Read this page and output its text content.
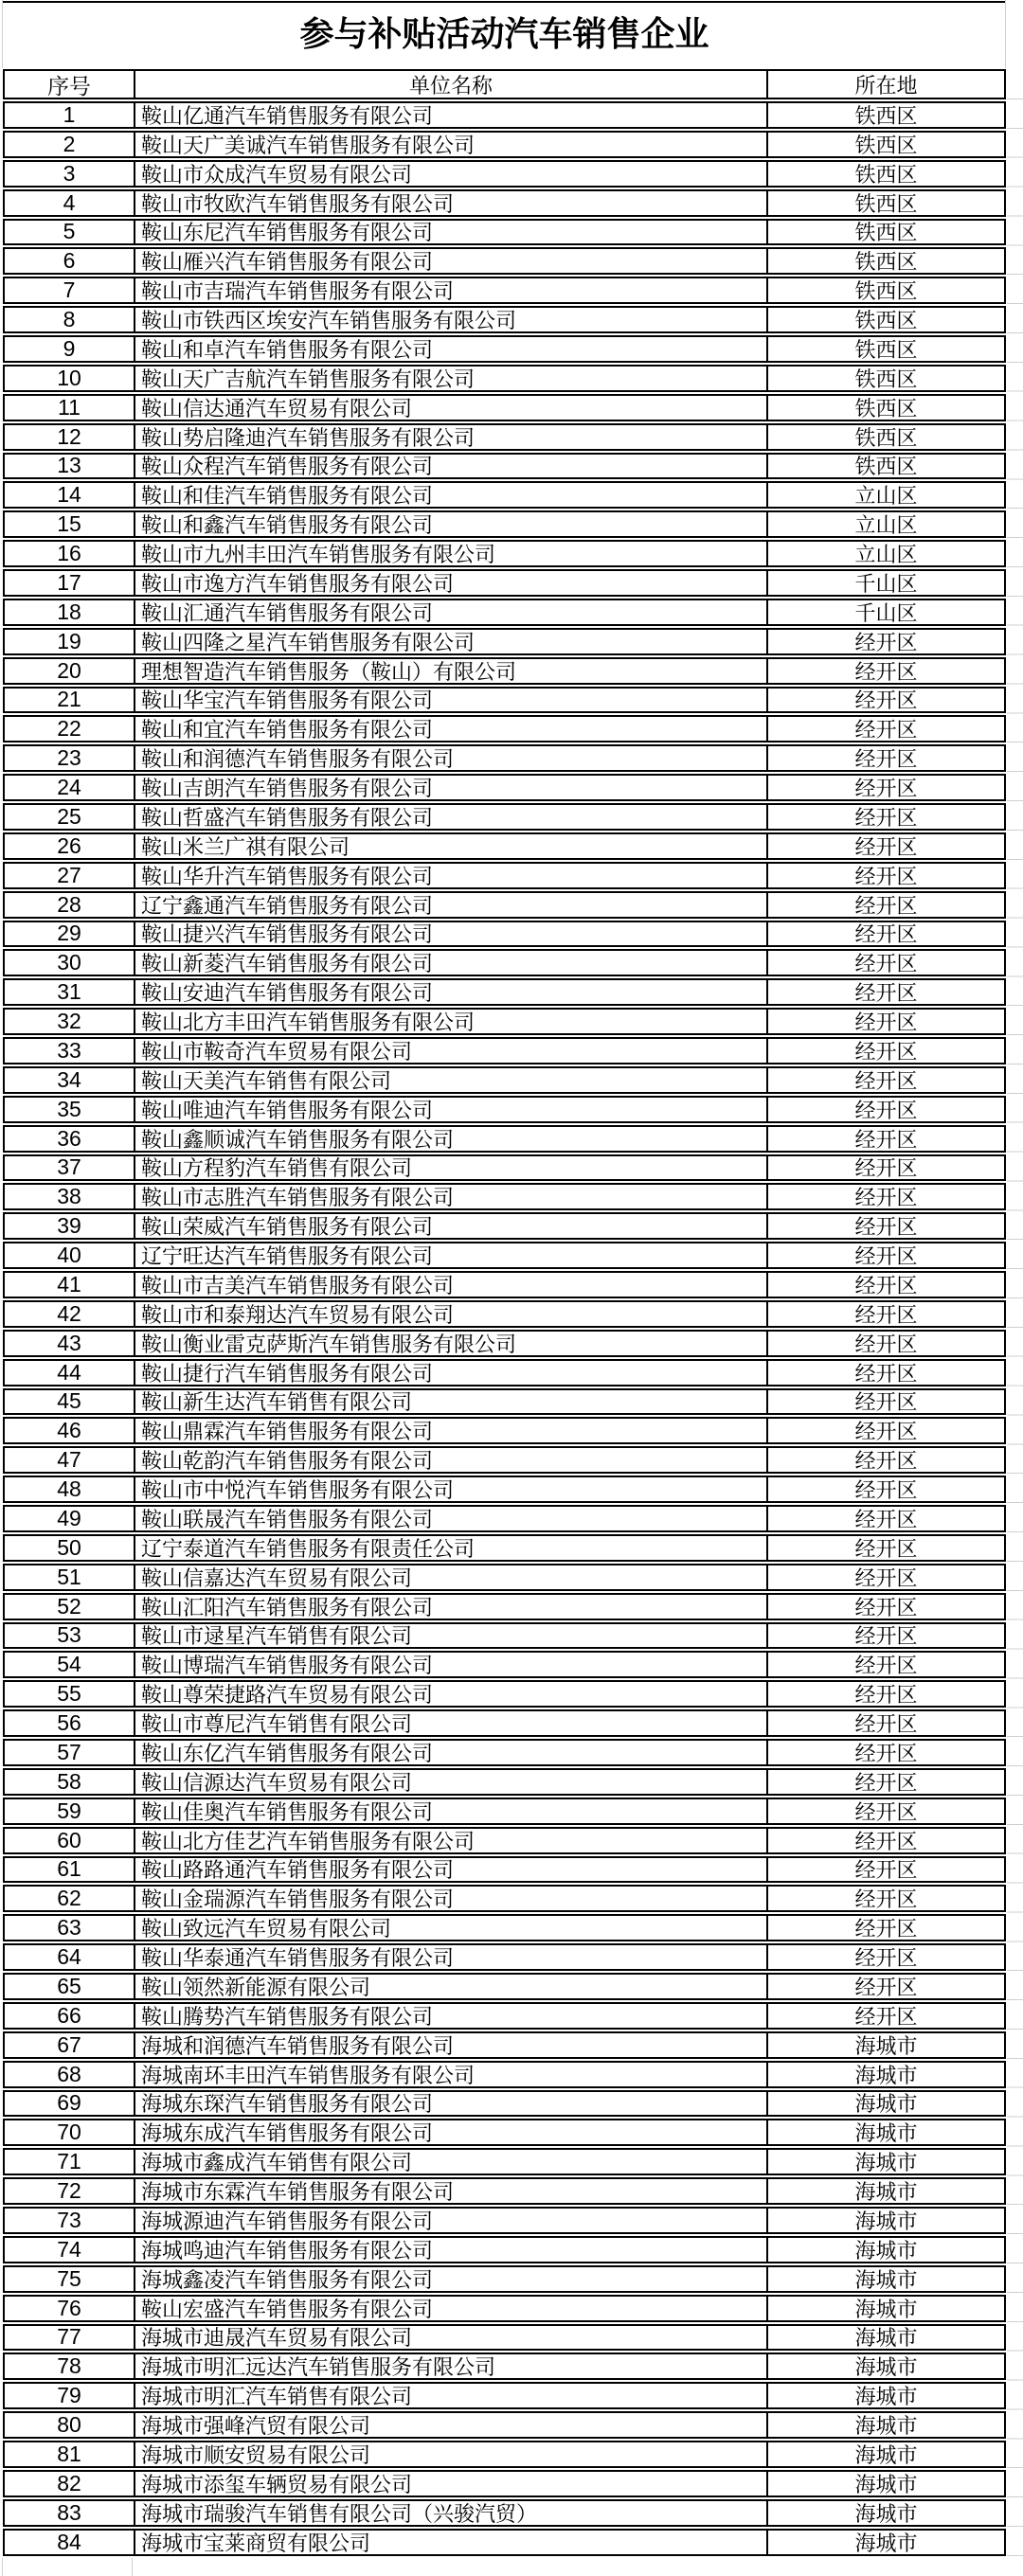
参与补贴活动汽车销售企业
序号	单位名称	所在地
1	鞍山亿通汽车销售服务有限公司	铁西区
2	鞍山天广美诚汽车销售服务有限公司	铁西区
3	鞍山市众成汽车贸易有限公司	铁西区
4	鞍山市牧欧汽车销售服务有限公司	铁西区
5	鞍山东尼汽车销售服务有限公司	铁西区
6	鞍山雁兴汽车销售服务有限公司	铁西区
7	鞍山市吉瑞汽车销售服务有限公司	铁西区
8	鞍山市铁西区埃安汽车销售服务有限公司	铁西区
9	鞍山和卓汽车销售服务有限公司	铁西区
10	鞍山天广吉航汽车销售服务有限公司	铁西区
11	鞍山信达通汽车贸易有限公司	铁西区
12	鞍山势启隆迪汽车销售服务有限公司	铁西区
13	鞍山众程汽车销售服务有限公司	铁西区
14	鞍山和佳汽车销售服务有限公司	立山区
15	鞍山和鑫汽车销售服务有限公司	立山区
16	鞍山市九州丰田汽车销售服务有限公司	立山区
17	鞍山市逸方汽车销售服务有限公司	千山区
18	鞍山汇通汽车销售服务有限公司	千山区
19	鞍山四隆之星汽车销售服务有限公司	经开区
20	理想智造汽车销售服务（鞍山）有限公司	经开区
21	鞍山华宝汽车销售服务有限公司	经开区
22	鞍山和宜汽车销售服务有限公司	经开区
23	鞍山和润德汽车销售服务有限公司	经开区
24	鞍山吉朗汽车销售服务有限公司	经开区
25	鞍山哲盛汽车销售服务有限公司	经开区
26	鞍山米兰广祺有限公司	经开区
27	鞍山华升汽车销售服务有限公司	经开区
28	辽宁鑫通汽车销售服务有限公司	经开区
29	鞍山捷兴汽车销售服务有限公司	经开区
30	鞍山新菱汽车销售服务有限公司	经开区
31	鞍山安迪汽车销售服务有限公司	经开区
32	鞍山北方丰田汽车销售服务有限公司	经开区
33	鞍山市鞍奇汽车贸易有限公司	经开区
34	鞍山天美汽车销售有限公司	经开区
35	鞍山唯迪汽车销售服务有限公司	经开区
36	鞍山鑫顺诚汽车销售服务有限公司	经开区
37	鞍山方程豹汽车销售有限公司	经开区
38	鞍山市志胜汽车销售服务有限公司	经开区
39	鞍山荣威汽车销售服务有限公司	经开区
40	辽宁旺达汽车销售服务有限公司	经开区
41	鞍山市吉美汽车销售服务有限公司	经开区
42	鞍山市和泰翔达汽车贸易有限公司	经开区
43	鞍山衡业雷克萨斯汽车销售服务有限公司	经开区
44	鞍山捷行汽车销售服务有限公司	经开区
45	鞍山新生达汽车销售有限公司	经开区
46	鞍山鼎霖汽车销售服务有限公司	经开区
47	鞍山乾韵汽车销售服务有限公司	经开区
48	鞍山市中悦汽车销售服务有限公司	经开区
49	鞍山联晟汽车销售服务有限公司	经开区
50	辽宁泰道汽车销售服务有限责任公司	经开区
51	鞍山信嘉达汽车贸易有限公司	经开区
52	鞍山汇阳汽车销售服务有限公司	经开区
53	鞍山市逯星汽车销售有限公司	经开区
54	鞍山博瑞汽车销售服务有限公司	经开区
55	鞍山尊荣捷路汽车贸易有限公司	经开区
56	鞍山市尊尼汽车销售有限公司	经开区
57	鞍山东亿汽车销售服务有限公司	经开区
58	鞍山信源达汽车贸易有限公司	经开区
59	鞍山佳奥汽车销售服务有限公司	经开区
60	鞍山北方佳艺汽车销售服务有限公司	经开区
61	鞍山路路通汽车销售服务有限公司	经开区
62	鞍山金瑞源汽车销售服务有限公司	经开区
63	鞍山致远汽车贸易有限公司	经开区
64	鞍山华泰通汽车销售服务有限公司	经开区
65	鞍山领然新能源有限公司	经开区
66	鞍山腾势汽车销售服务有限公司	经开区
67	海城和润德汽车销售服务有限公司	海城市
68	海城南环丰田汽车销售服务有限公司	海城市
69	海城东琛汽车销售服务有限公司	海城市
70	海城东成汽车销售服务有限公司	海城市
71	海城市鑫成汽车销售有限公司	海城市
72	海城市东霖汽车销售服务有限公司	海城市
73	海城源迪汽车销售服务有限公司	海城市
74	海城鸣迪汽车销售服务有限公司	海城市
75	海城鑫凌汽车销售服务有限公司	海城市
76	鞍山宏盛汽车销售服务有限公司	海城市
77	海城市迪晟汽车贸易有限公司	海城市
78	海城市明汇远达汽车销售服务有限公司	海城市
79	海城市明汇汽车销售有限公司	海城市
80	海城市强峰汽贸有限公司	海城市
81	海城市顺安贸易有限公司	海城市
82	海城市添玺车辆贸易有限公司	海城市
83	海城市瑞骏汽车销售有限公司（兴骏汽贸）	海城市
84	海城市宝莱商贸有限公司	海城市
